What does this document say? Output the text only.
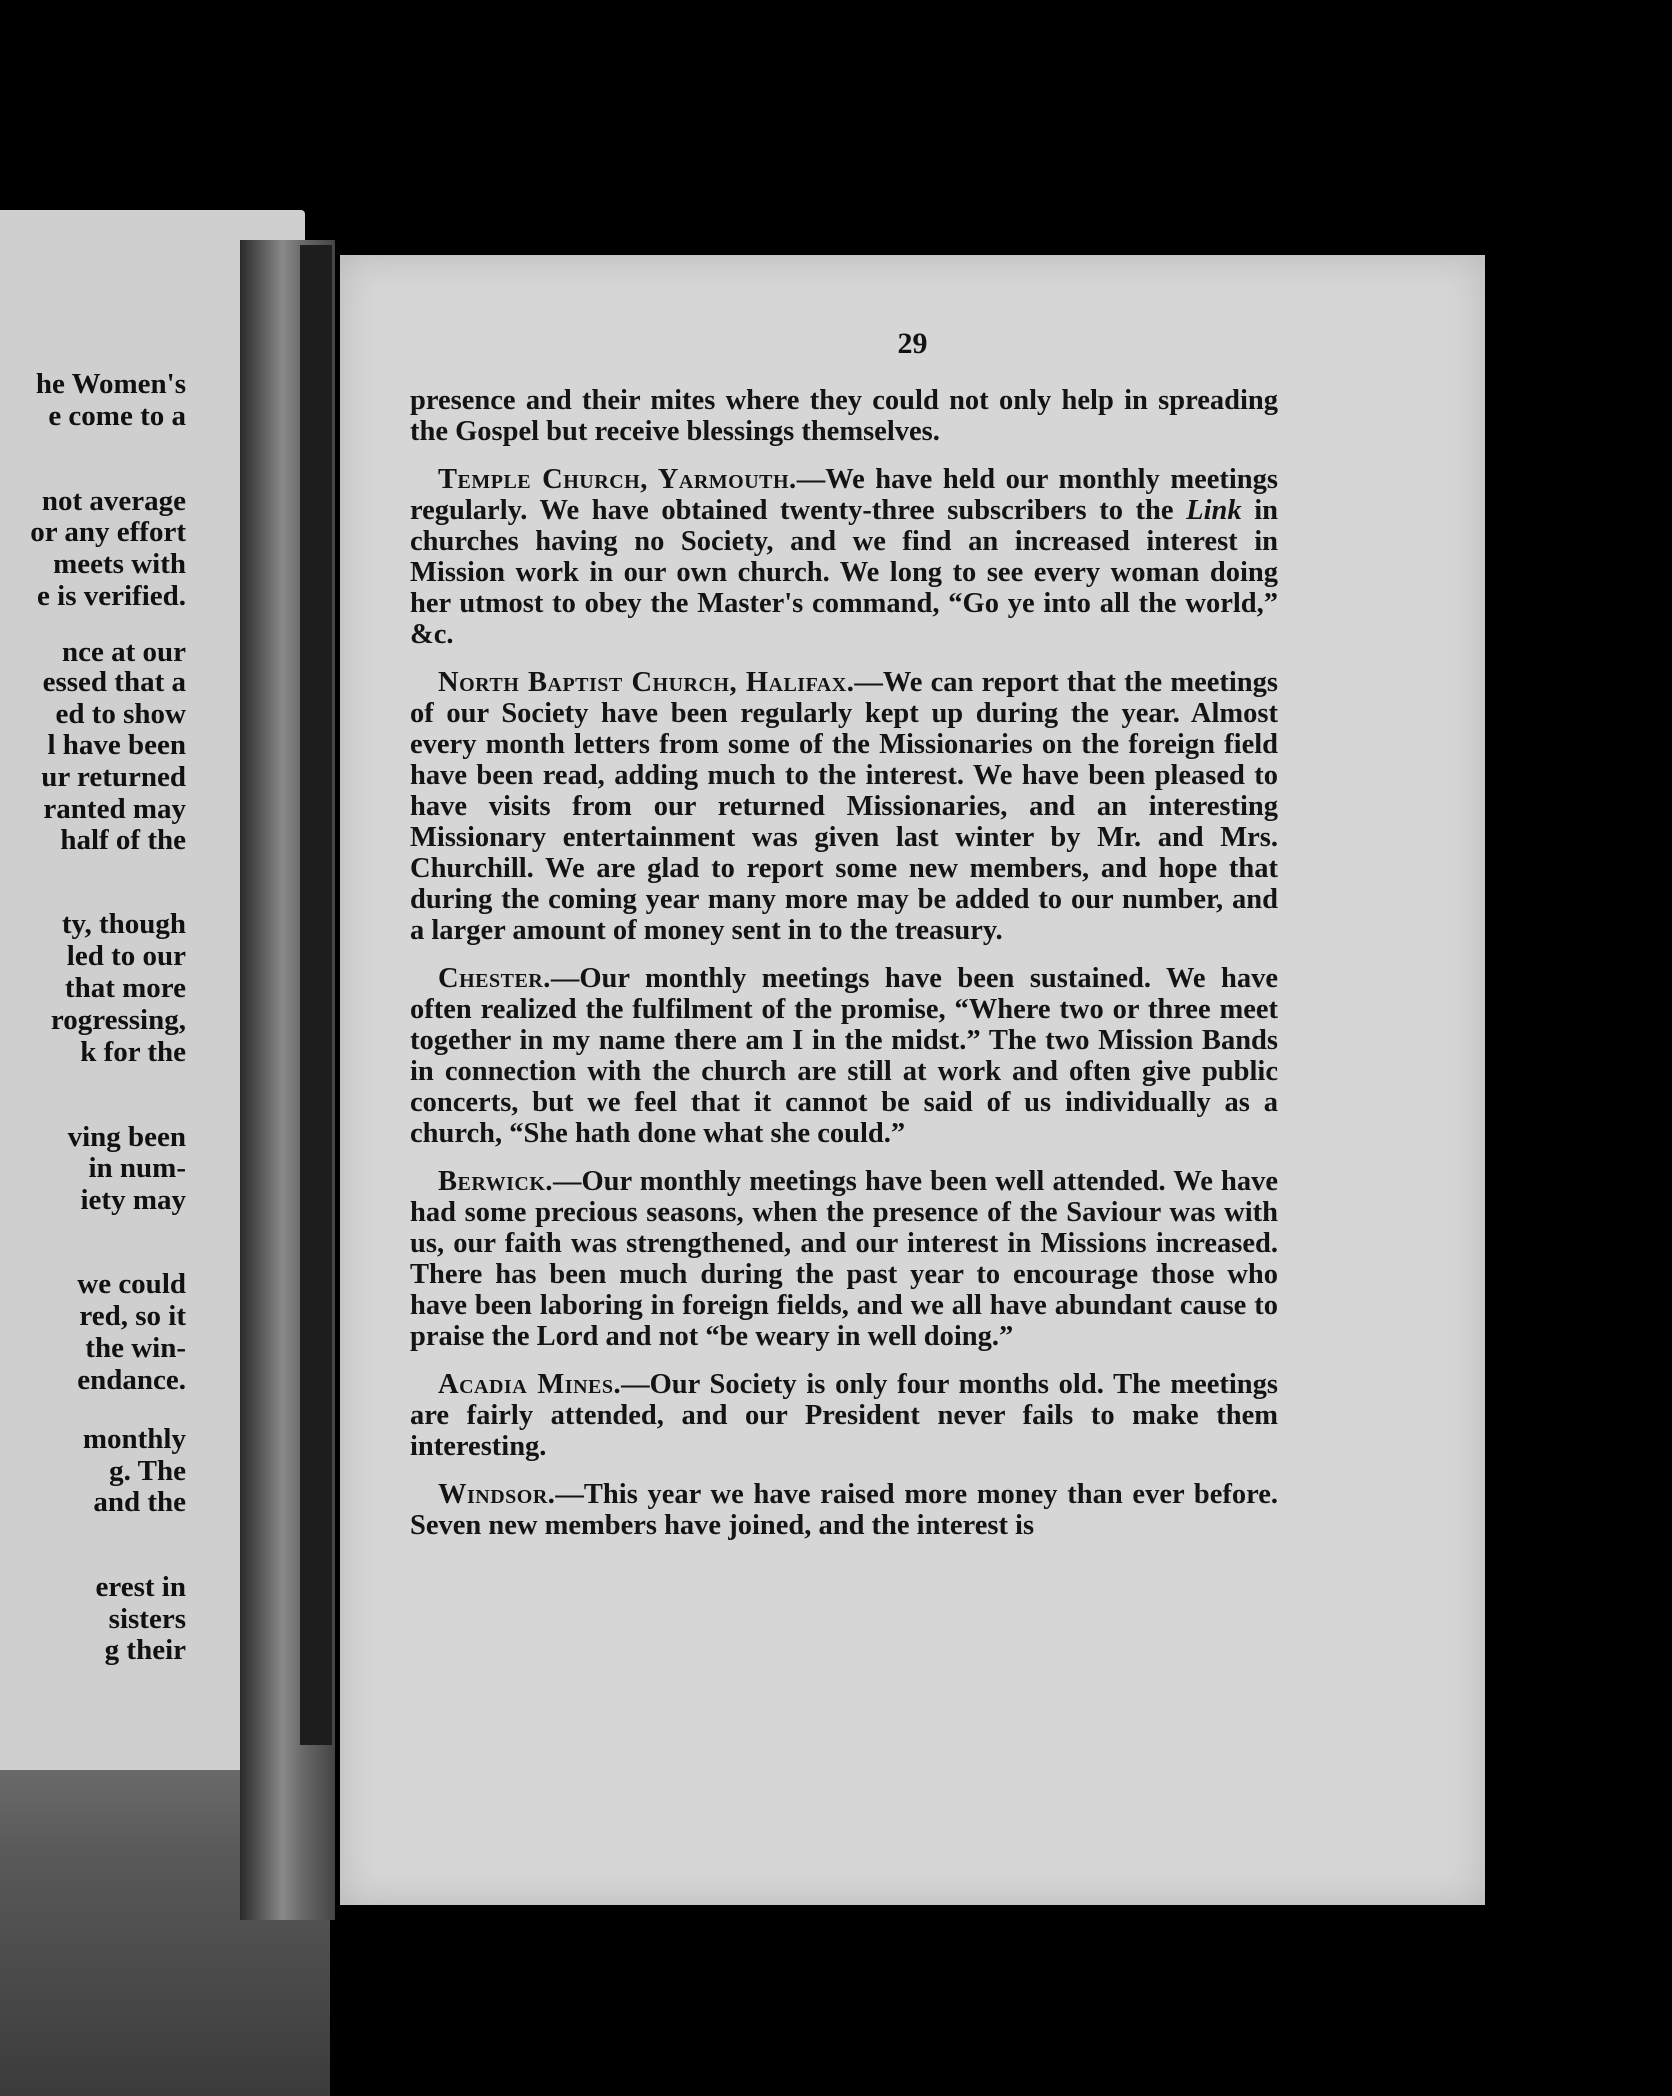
he Women's
e come to a
not average
or any effort
meets with
e is verified.
nce at our
essed that a
ed to show
l have been
ur returned
ranted may
half of the
ty, though
led to our
that more
rogressing,
k for the
ving been
in num-
iety may
we could
red, so it
the win-
endance.
monthly
g. The
and the
erest in
sisters
g their
29

presence and their mites where they could not only help in spreading the Gospel but receive blessings themselves.

Temple Church, Yarmouth.—We have held our monthly meetings regularly. We have obtained twenty-three subscribers to the Link in churches having no Society, and we find an increased interest in Mission work in our own church. We long to see every woman doing her utmost to obey the Master's command, “Go ye into all the world,” &c.

North Baptist Church, Halifax.—We can report that the meetings of our Society have been regularly kept up during the year. Almost every month letters from some of the Missionaries on the foreign field have been read, adding much to the interest. We have been pleased to have visits from our returned Missionaries, and an interesting Missionary entertainment was given last winter by Mr. and Mrs. Churchill. We are glad to report some new members, and hope that during the coming year many more may be added to our number, and a larger amount of money sent in to the treasury.

Chester.—Our monthly meetings have been sustained. We have often realized the fulfilment of the promise, “Where two or three meet together in my name there am I in the midst.” The two Mission Bands in connection with the church are still at work and often give public concerts, but we feel that it cannot be said of us individually as a church, “She hath done what she could.”

Berwick.—Our monthly meetings have been well attended. We have had some precious seasons, when the presence of the Saviour was with us, our faith was strengthened, and our interest in Missions increased. There has been much during the past year to encourage those who have been laboring in foreign fields, and we all have abundant cause to praise the Lord and not “be weary in well doing.”

Acadia Mines.—Our Society is only four months old. The meetings are fairly attended, and our President never fails to make them interesting.

Windsor.—This year we have raised more money than ever before. Seven new members have joined, and the interest is
